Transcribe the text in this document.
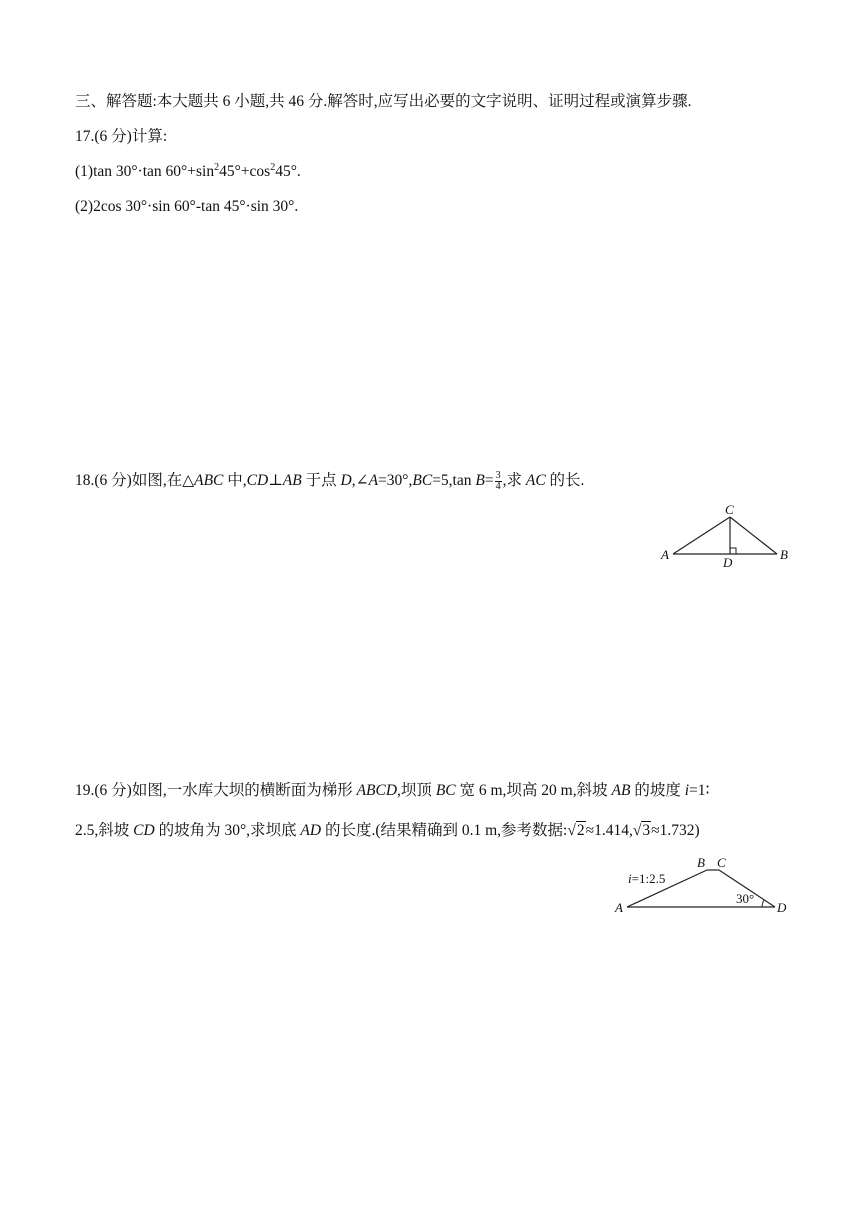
三、解答题:本大题共 6 小题,共 46 分.解答时,应写出必要的文字说明、证明过程或演算步骤.
17.(6 分)计算:
(1)tan 30°·tan $60^\circ+\sin^245^\circ+\cos^245^\circ$.
(2)2cos 30°·sin 60°-tan 45°·sin 30°.
18.(6 分)如图,在△ABC 中,CD⊥AB 于点 D,∠A=30°,BC=5,tan $B= \frac{3}{4}$ ,求 AC 的长.
A	B
C
D
19.(6 分)如图,一水库大坝的横断面为梯形 ABCD,坝顶 BC 宽 6 m,坝高 20 m,斜坡 AB 的坡度 i=1∶
2.5,斜坡 CD 的坡角为 30°,求坝底 AD 的长度.(结果精确到 0.1 m,参考数据:√2≈1.414,√3≈1.732)
i=1:2.5
30°
A
B C
D
